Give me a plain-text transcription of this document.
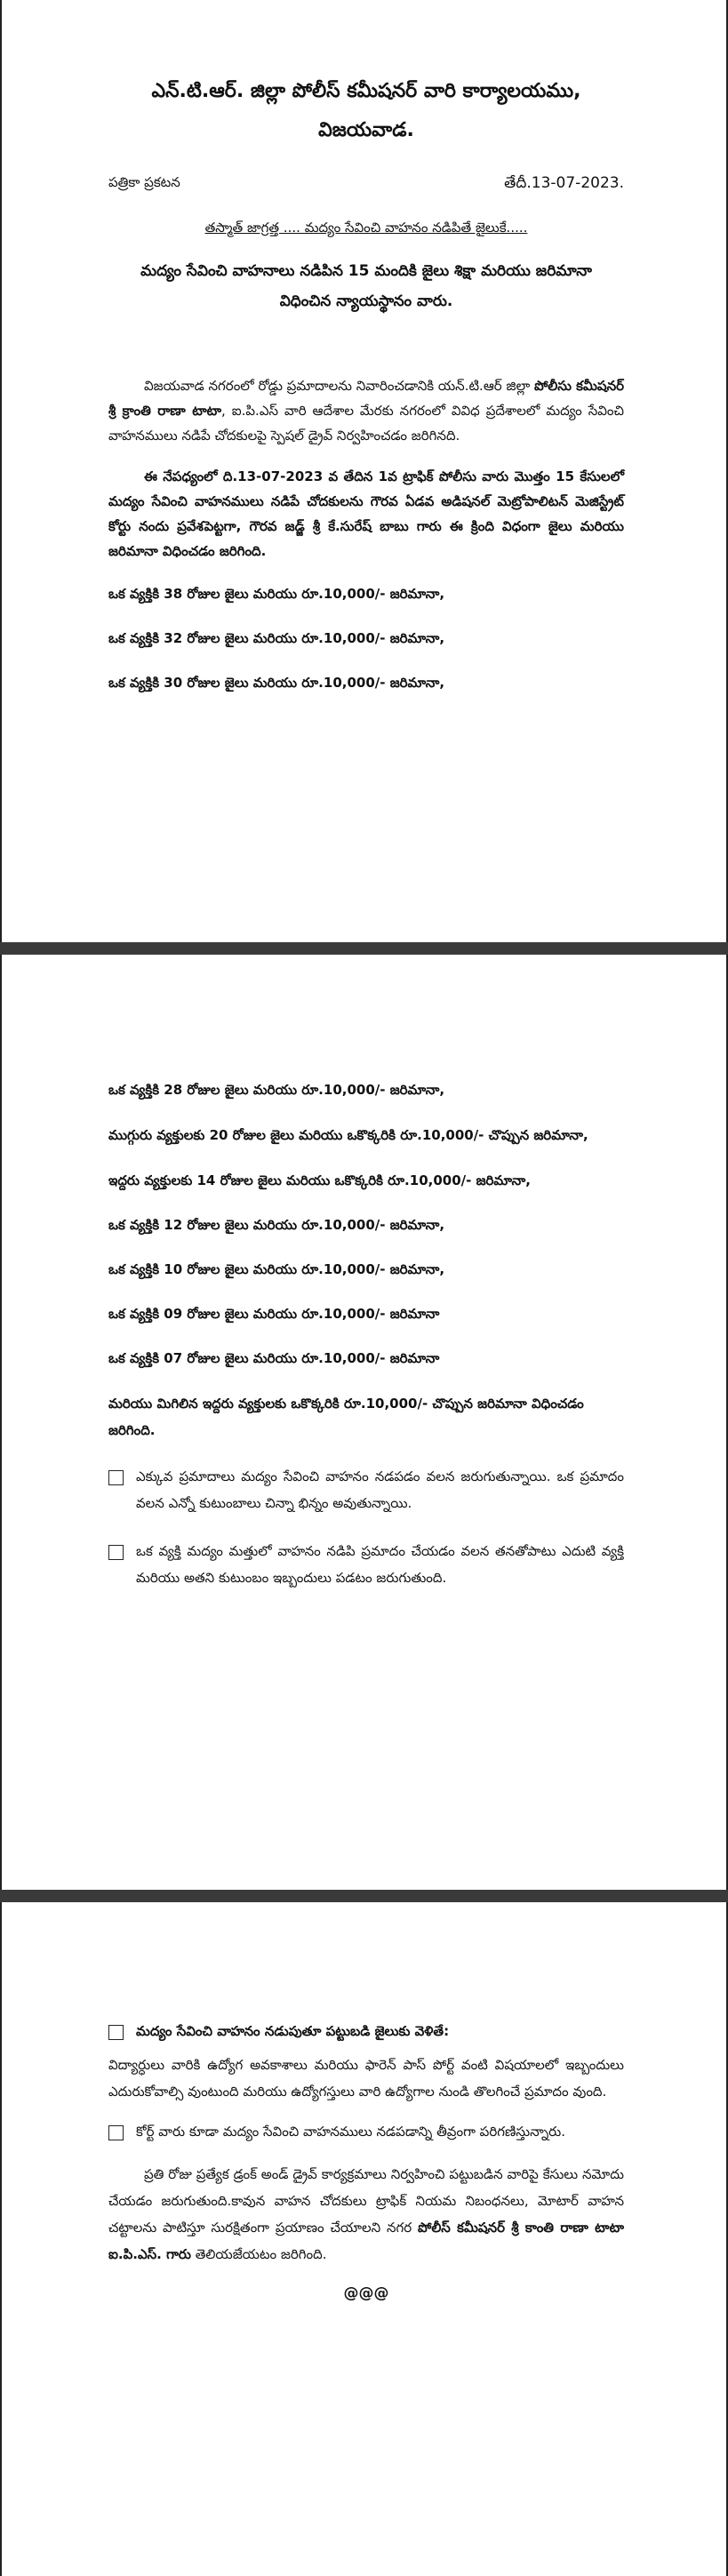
ఎన్.టి.ఆర్. జిల్లా పోలీస్ కమీషనర్ వారి కార్యాలయము,
విజయవాడ.
పత్రికా ప్రకటన	తేదీ.13-07-2023.
తస్మాత్ జాగ్రత్త .... మద్యం సేవించి వాహనం నడిపితే జైలుకే.....
మద్యం సేవించి వాహనాలు నడిపిన 15 మందికి జైలు శిక్షా మరియు జరిమానా
విధించిన న్యాయస్థానం వారు.

విజయవాడ నగరంలో రోడ్డు ప్రమాదాలను నివారించడానికి యన్.టి.ఆర్ జిల్లా పోలీసు కమీషనర్ శ్రీ క్రాంతి రాణా టాటా, ఐ.పి.ఎస్ వారి ఆదేశాల మేరకు నగరంలో వివిధ ప్రదేశాలలో మద్యం సేవించి వాహనములు నడిపే చోదకులపై స్పెషల్ డ్రైవ్ నిర్వహించడం జరిగినది.

ఈ నేపధ్యంలో ది.13-07-2023 వ తేదిన 1వ ట్రాఫిక్ పోలీసు వారు మొత్తం 15 కేసులలో మద్యం సేవించి వాహనములు నడిపే చోదకులను గౌరవ ఏడవ అడిషనల్ మెట్రోపాలిటన్ మెజిస్ట్రేట్ కోర్టు నందు ప్రవేశపెట్టగా, గౌరవ జడ్జ్ శ్రీ కే.సురేష్ బాబు గారు ఈ క్రింది విధంగా జైలు మరియు జరిమానా విధించడం జరిగింది.

ఒక వ్యక్తికి 38 రోజుల జైలు మరియు రూ.10,000/- జరిమానా,
ఒక వ్యక్తికి 32 రోజుల జైలు మరియు రూ.10,000/- జరిమానా,
ఒక వ్యక్తికి 30 రోజుల జైలు మరియు రూ.10,000/- జరిమానా,
ఒక వ్యక్తికి 28 రోజుల జైలు మరియు రూ.10,000/- జరిమానా,
ముగ్గురు వ్యక్తులకు 20 రోజుల జైలు మరియు ఒకొక్కరికి రూ.10,000/- చొప్పున జరిమానా,
ఇద్దరు వ్యక్తులకు 14 రోజుల జైలు మరియు ఒకొక్కరికి రూ.10,000/- జరిమానా,
ఒక వ్యక్తికి 12 రోజుల జైలు మరియు రూ.10,000/- జరిమానా,
ఒక వ్యక్తికి 10 రోజుల జైలు మరియు రూ.10,000/- జరిమానా,
ఒక వ్యక్తికి 09 రోజుల జైలు మరియు రూ.10,000/- జరిమానా
ఒక వ్యక్తికి 07 రోజుల జైలు మరియు రూ.10,000/- జరిమానా
మరియు మిగిలిన ఇద్దరు వ్యక్తులకు ఒకొక్కరికి రూ.10,000/- చొప్పున జరిమానా విధించడం జరిగింది.
ఎక్కువ ప్రమాదాలు మద్యం సేవించి వాహనం నడపడం వలన జరుగుతున్నాయి. ఒక ప్రమాదం వలన ఎన్నో కుటుంబాలు చిన్నా భిన్నం అవుతున్నాయి.
ఒక వ్యక్తి మద్యం మత్తులో వాహనం నడిపి ప్రమాదం చేయడం వలన తనతోపాటు ఎదుటి వ్యక్తి మరియు అతని కుటుంబం ఇబ్బందులు పడటం జరుగుతుంది.
మద్యం సేవించి వాహనం నడుపుతూ పట్టుబడి జైలుకు వెళితే:

విద్యార్ధులు వారికి ఉద్యోగ అవకాశాలు మరియు ఫారెన్ పాస్ పోర్ట్ వంటి విషయాలలో ఇబ్బందులు ఎదురుకోవాల్సి వుంటుంది మరియు ఉద్యోగస్తులు వారి ఉద్యోగాల నుండి తొలగించే ప్రమాదం వుంది.

కోర్ట్ వారు కూడా మద్యం సేవించి వాహనములు నడపడాన్ని తీవ్రంగా పరిగణిస్తున్నారు.

ప్రతి రోజు ప్రత్యేక డ్రంక్ అండ్ డ్రైవ్ కార్యక్రమాలు నిర్వహించి పట్టుబడిన వారిపై కేసులు నమోదు చేయడం జరుగుతుంది.కావున వాహన చోదకులు ట్రాఫిక్ నియమ నిబంధనలు, మోటార్ వాహన చట్టాలను పాటిస్తూ సురక్షితంగా ప్రయాణం చేయాలని నగర పోలీస్ కమీషనర్ శ్రీ కాంతి రాణా టాటా ఐ.పి.ఎస్. గారు తెలియజేయటం జరిగింది.

@@@
